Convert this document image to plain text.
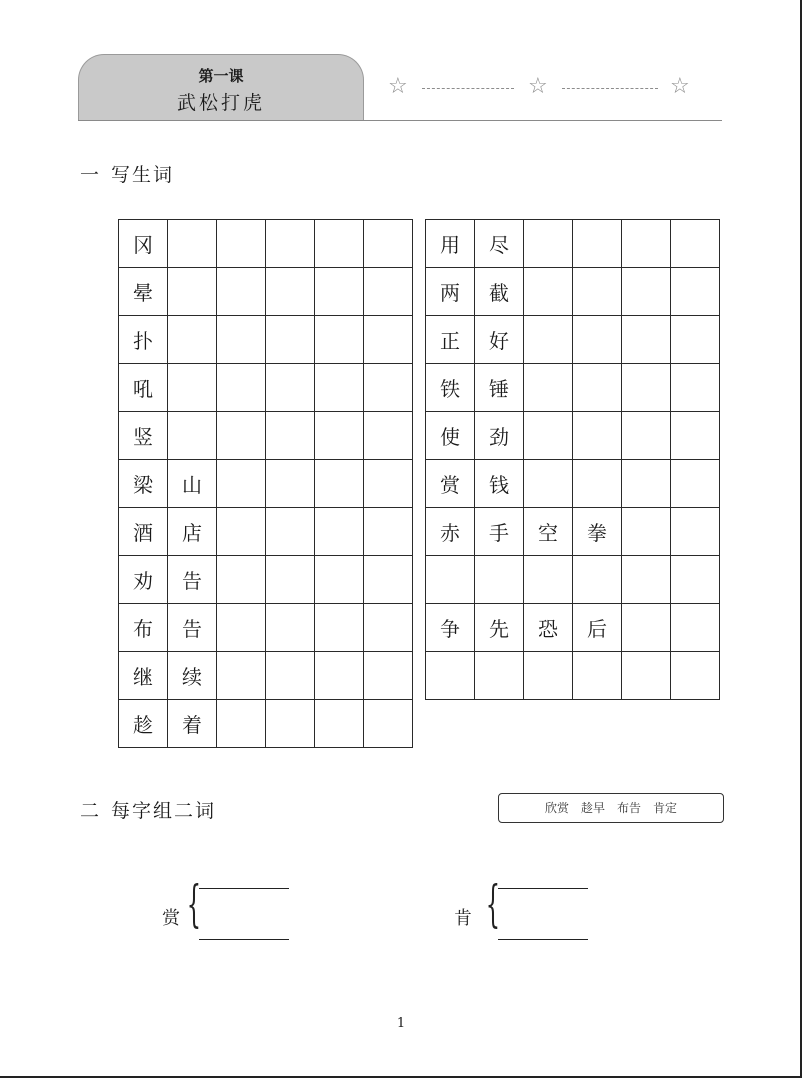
第一课
武松打虎
☆	☆	☆
一 写生词
冈					
晕					
扑					
吼					
竖					
梁	山				
酒	店				
劝	告				
布	告				
继	续				
趁	着				
用	尽				
两	截				
正	好				
铁	锤				
使	劲				
赏	钱				
赤	手	空	拳		

争	先	恐	后		

二 每字组二词	欣赏 趁早 布告 肯定
赏 {	肯 {
1
